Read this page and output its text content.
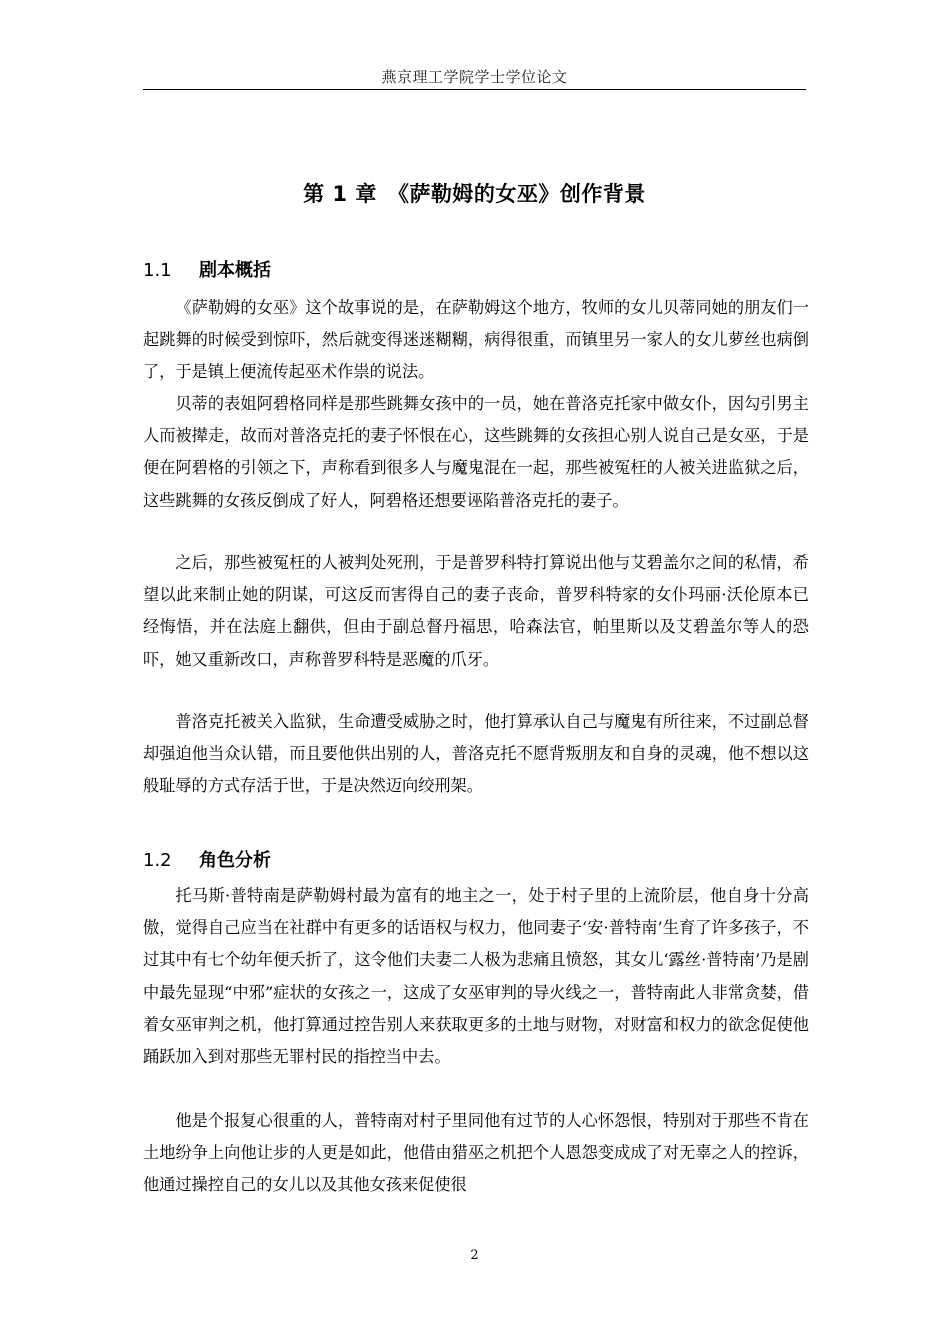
燕京理工学院学士学位论文
第 1 章　《萨勒姆的女巫》创作背景
1.1 剧本概括

《萨勒姆的女巫》这个故事说的是，在萨勒姆这个地方，牧师的女儿贝蒂同她的朋友们一起跳舞的时候受到惊吓，然后就变得迷迷糊糊，病得很重，而镇里另一家人的女儿萝丝也病倒了，于是镇上便流传起巫术作祟的说法。

贝蒂的表姐阿碧格同样是那些跳舞女孩中的一员，她在普洛克托家中做女仆，因勾引男主人而被撵走，故而对普洛克托的妻子怀恨在心，这些跳舞的女孩担心别人说自己是女巫，于是便在阿碧格的引领之下，声称看到很多人与魔鬼混在一起，那些被冤枉的人被关进监狱之后，这些跳舞的女孩反倒成了好人，阿碧格还想要诬陷普洛克托的妻子。

之后，那些被冤枉的人被判处死刑，于是普罗科特打算说出他与艾碧盖尔之间的私情，希望以此来制止她的阴谋，可这反而害得自己的妻子丧命，普罗科特家的女仆玛丽·沃伦原本已经悔悟，并在法庭上翻供，但由于副总督丹福思，哈森法官，帕里斯以及艾碧盖尔等人的恐吓，她又重新改口，声称普罗科特是恶魔的爪牙。

普洛克托被关入监狱，生命遭受威胁之时，他打算承认自己与魔鬼有所往来，不过副总督却强迫他当众认错，而且要他供出别的人，普洛克托不愿背叛朋友和自身的灵魂，他不想以这般耻辱的方式存活于世，于是决然迈向绞刑架。

1.2 角色分析

托马斯·普特南是萨勒姆村最为富有的地主之一，处于村子里的上流阶层，他自身十分高傲，觉得自己应当在社群中有更多的话语权与权力，他同妻子‘安·普特南’生育了许多孩子，不过其中有七个幼年便夭折了，这令他们夫妻二人极为悲痛且愤怒，其女儿‘露丝·普特南’乃是剧中最先显现“中邪”症状的女孩之一，这成了女巫审判的导火线之一，普特南此人非常贪婪，借着女巫审判之机，他打算通过控告别人来获取更多的土地与财物，对财富和权力的欲念促使他踊跃加入到对那些无罪村民的指控当中去。

他是个报复心很重的人，普特南对村子里同他有过节的人心怀怨恨，特别对于那些不肯在土地纷争上向他让步的人更是如此，他借由猎巫之机把个人恩怨变成成了对无辜之人的控诉，他通过操控自己的女儿以及其他女孩来促使很

2
